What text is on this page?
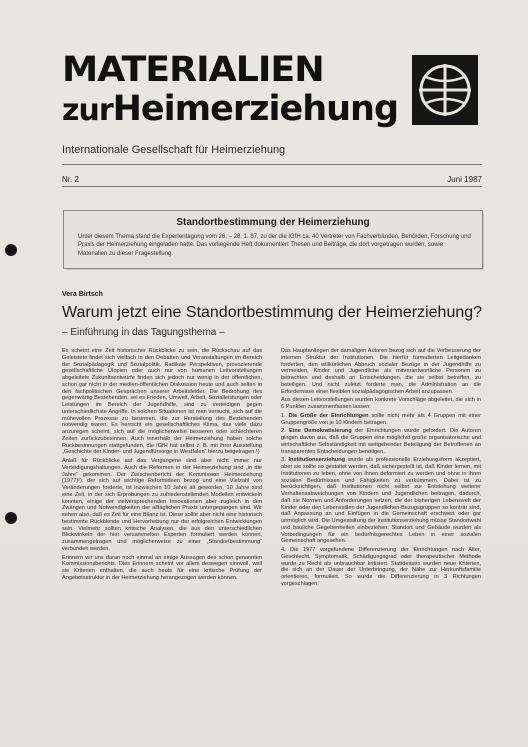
MATERIALIEN
zurHeimerziehung
Internationale Gesellschaft für Heimerziehung
Nr. 2	Juni 1987
Standortbestimmung der Heimerziehung
Unter diesem Thema stand die Expertentagung vom 26. – 28. 1. 87, zu der die IGfH ca. 40 Vertreter von Fachverbänden, Behörden, Forschung und Praxis der Heimerziehung eingeladen hatte. Das vorliegende Heft dokumentiert Thesen und Beiträge, die dort vorgetragen wurden, sowie Materialien zu dieser Fragestellung.
Vera Birtsch
Warum jetzt eine Standortbestimmung der Heimerziehung?
– Einführung in das Tagungsthema –

Es scheint eine Zeit historischer Rückblicke zu sein, die Rückschau auf das Geleistete findet sich vielfach in den Debatten und Veranstaltungen im Bereich der Sozialpädagogik und Sozialpolitik. Radikale Perspektiven, provozierende gesellschaftliche Utopien oder auch nur von humanen Leitvorstellungen abgeleitete Zukunftsentwürfe finden sich jedoch nur wenig in der öffentlichen, schon gar nicht in der medien-öffentlichen Diskussion heute und auch selten in den fachpolitischen Gesprächen unserer Arbeitsfelder. Die Bedrohung des gegenwärtig Bestehenden, sei es Frieden, Umwelt, Arbeit, Sozialleistungen oder Leistungen im Bereich der Jugendhilfe, sind zu verteidigen gegen unterschiedlichste Angriffe. In solchen Situationen ist man versucht, sich auf die mühevollen Prozesse zu besinnen, die zur Herstellung des Bestehenden notwendig waren. Es herrscht ein gesellschaftliches Klima, das viele dazu anzuregen scheint, sich auf die möglicherweise besseren oder schlechteren Zeiten zurückzubesinnen. Auch innerhalb der Heimerziehung haben solche Rückbesinnungen stattgefunden, die IGfH hat selbst z. B. mit ihrer Ausstellung „Geschichte der Kinder- und Jugendfürsorge in Westfalen“ hierzu beigetragen.¹)

Anlaß für Rückblicke auf das Vergangene sind aber nicht immer nur Verteidigungshaltungen. Auch die Reformen in der Heimerziehung sind „in die Jahre“ gekommen. Der Zwischenbericht der Kommission Heimerziehung (1977)²), der sich auf wichtige Reformideen bezog und eine Vielzahl von Veränderungen forderte, ist inzwischen 10 Jahre alt geworden. 10 Jahre sind eine Zeit, in der sich Erprobungen zu zufriedenstellenden Modellen entwickeln konnten, einige der vielversprechenden Innovationen aber zugleich in den Zwängen und Notwendigkeiten der alltäglichen Praxis untergegangen sind. Wir sehen also, daß es Zeit für eine Bilanz ist. Diese sollte aber nicht eine historisch bestimmte Rückblende und Hervorhebung nur der erfolgreichen Entwicklungen sein. Vielmehr sollten kritische Analysen, die aus den unterschiedlichen Blickwinkeln der hier versammelten Experten formuliert werden können, zusammengetragen und möglicherweise zu einer „Standortbestimmung“ verbunden werden.

Erinnern wir uns daran noch einmal an einige Aussagen des schon genannten Kommissionsberichts. Dies Erinnern scheint vor allem deswegen sinnvoll, weil sie Kriterien enthalten, die auch heute für eine kritische Prüfung der Angebotsstruktur in der Heimerziehung herangezogen werden können.

Das Hauptanliegen der damaligen Autoren bezog sich auf die Verbesserung der internen Struktur der Institutionen. Die hierfür formulierten Leitgedanken forderten, den willkürlichen Abbruch sozialer Bezüge in der Jugendhilfe zu vermeiden, Kinder und Jugendliche als mitverantwortliche Personen zu betrachten und deshalb an Entscheidungen, die sie selbst betreffen, zu beteiligen. Und nicht zuletzt forderte man, die Administration an die Erfordernisse einer flexiblen sozialpädagogischen Arbeit anzupassen.

Aus diesen Leitvorstellungen wurden konkrete Vorschläge abgeleitet, die sich in 6 Punkten zusammenfassen lassen:

1. Die Größe der Einrichtungen sollte nicht mehr als 4 Gruppen mit einer Gruppengröße von je 10 Kindern betragen.
2. Eine Demokratisierung der Einrichtungen wurde gefordert. Die Autoren gingen davon aus, daß die Gruppen eine möglichst große organisatorische und wirtschaftliche Selbständigkeit mit weitgehender Beteiligung der Betroffenen an transparenten Entscheidungen benötigen.
3. Institutionserziehung wurde als professionelle Erziehungsform akzeptiert, aber sie sollte so gestaltet werden, daß sichergestellt ist, daß Kinder lernen, mit Institutionen zu leben, ohne von ihnen deformiert zu werden und ohne in ihren sozialen Bedürfnissen und Fähigkeiten zu verkümmern. Dabei ist zu berücksichtigen, daß Institutionen nicht selbst zur Entstehung weiterer Verhaltensabweichungen von Kindern und Jugendlichen beitragen, dadurch, daß sie Normen und Anforderungen setzen, die der bisherigen Lebenswelt der Kinder oder den Lebensstilen der Jugendlichen-Bezugsgruppen so konträr sind, daß Anpassung an und Einfügen in die Gemeinschaft erschwert oder gar unmöglich wird. Die Umgestaltung der Institutionserziehung müsse Standortwahl und bauliche Gegebenheiten einbeziehen: Standort und Gebäude wurden als Vorbedingungen für ein bedürfnisgerechtes Leben in einer sozialen Gemeinschaft angesehen.
4. Die 1977 vorgefundene Differenzierung der Einrichtungen nach Alter, Geschlecht, Symptomatik, Schädigungsgrad oder therapeutischer Methode wurde zu Recht als unbrauchbar kritisiert. Stattdessen wurden neue Kriterien, die sich an der Dauer der Unterbringung, der Nähe zur Herkunftsfamilie orientieren, formuliert. So wurde die Differenzierung in 3 Richtungen vorgeschlagen:
